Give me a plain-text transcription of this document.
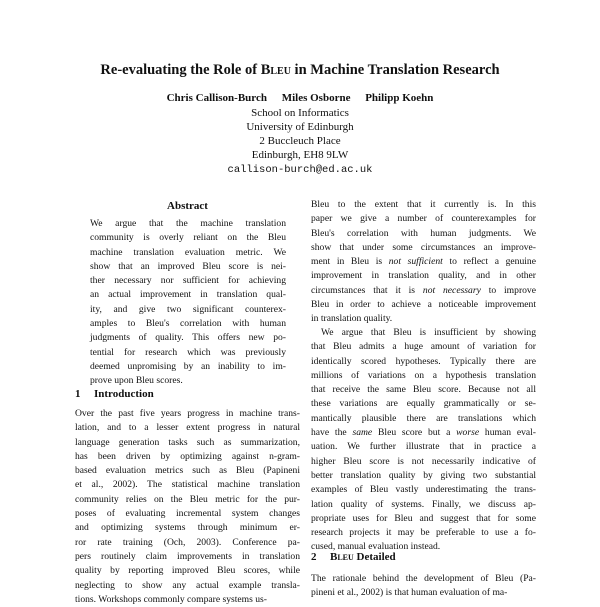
Re-evaluating the Role of Bleu in Machine Translation Research
Chris Callison-Burch Miles Osborne Philipp Koehn
School on Informatics
University of Edinburgh
2 Buccleuch Place
Edinburgh, EH8 9LW
callison-burch@ed.ac.uk
Abstract
We argue that the machine translation
community is overly reliant on the Bleu
machine translation evaluation metric. We
show that an improved Bleu score is nei-
ther necessary nor sufficient for achieving
an actual improvement in translation qual-
ity, and give two significant counterex-
amples to Bleu's correlation with human
judgments of quality. This offers new po-
tential for research which was previously
deemed unpromising by an inability to im-
prove upon Bleu scores.
1 Introduction
Over the past five years progress in machine trans-
lation, and to a lesser extent progress in natural
language generation tasks such as summarization,
has been driven by optimizing against n-gram-
based evaluation metrics such as Bleu (Papineni
et al., 2002). The statistical machine translation
community relies on the Bleu metric for the pur-
poses of evaluating incremental system changes
and optimizing systems through minimum er-
ror rate training (Och, 2003). Conference pa-
pers routinely claim improvements in translation
quality by reporting improved Bleu scores, while
neglecting to show any actual example transla-
tions. Workshops commonly compare systems us-
Bleu to the extent that it currently is. In this
paper we give a number of counterexamples for
Bleu's correlation with human judgments. We
show that under some circumstances an improve-
ment in Bleu is not sufficient to reflect a genuine
improvement in translation quality, and in other
circumstances that it is not necessary to improve
Bleu in order to achieve a noticeable improvement
in translation quality.
We argue that Bleu is insufficient by showing
that Bleu admits a huge amount of variation for
identically scored hypotheses. Typically there are
millions of variations on a hypothesis translation
that receive the same Bleu score. Because not all
these variations are equally grammatically or se-
mantically plausible there are translations which
have the same Bleu score but a worse human eval-
uation. We further illustrate that in practice a
higher Bleu score is not necessarily indicative of
better translation quality by giving two substantial
examples of Bleu vastly underestimating the trans-
lation quality of systems. Finally, we discuss ap-
propriate uses for Bleu and suggest that for some
research projects it may be preferable to use a fo-
cused, manual evaluation instead.
2 Bleu Detailed
The rationale behind the development of Bleu (Pa-
pineni et al., 2002) is that human evaluation of ma-
